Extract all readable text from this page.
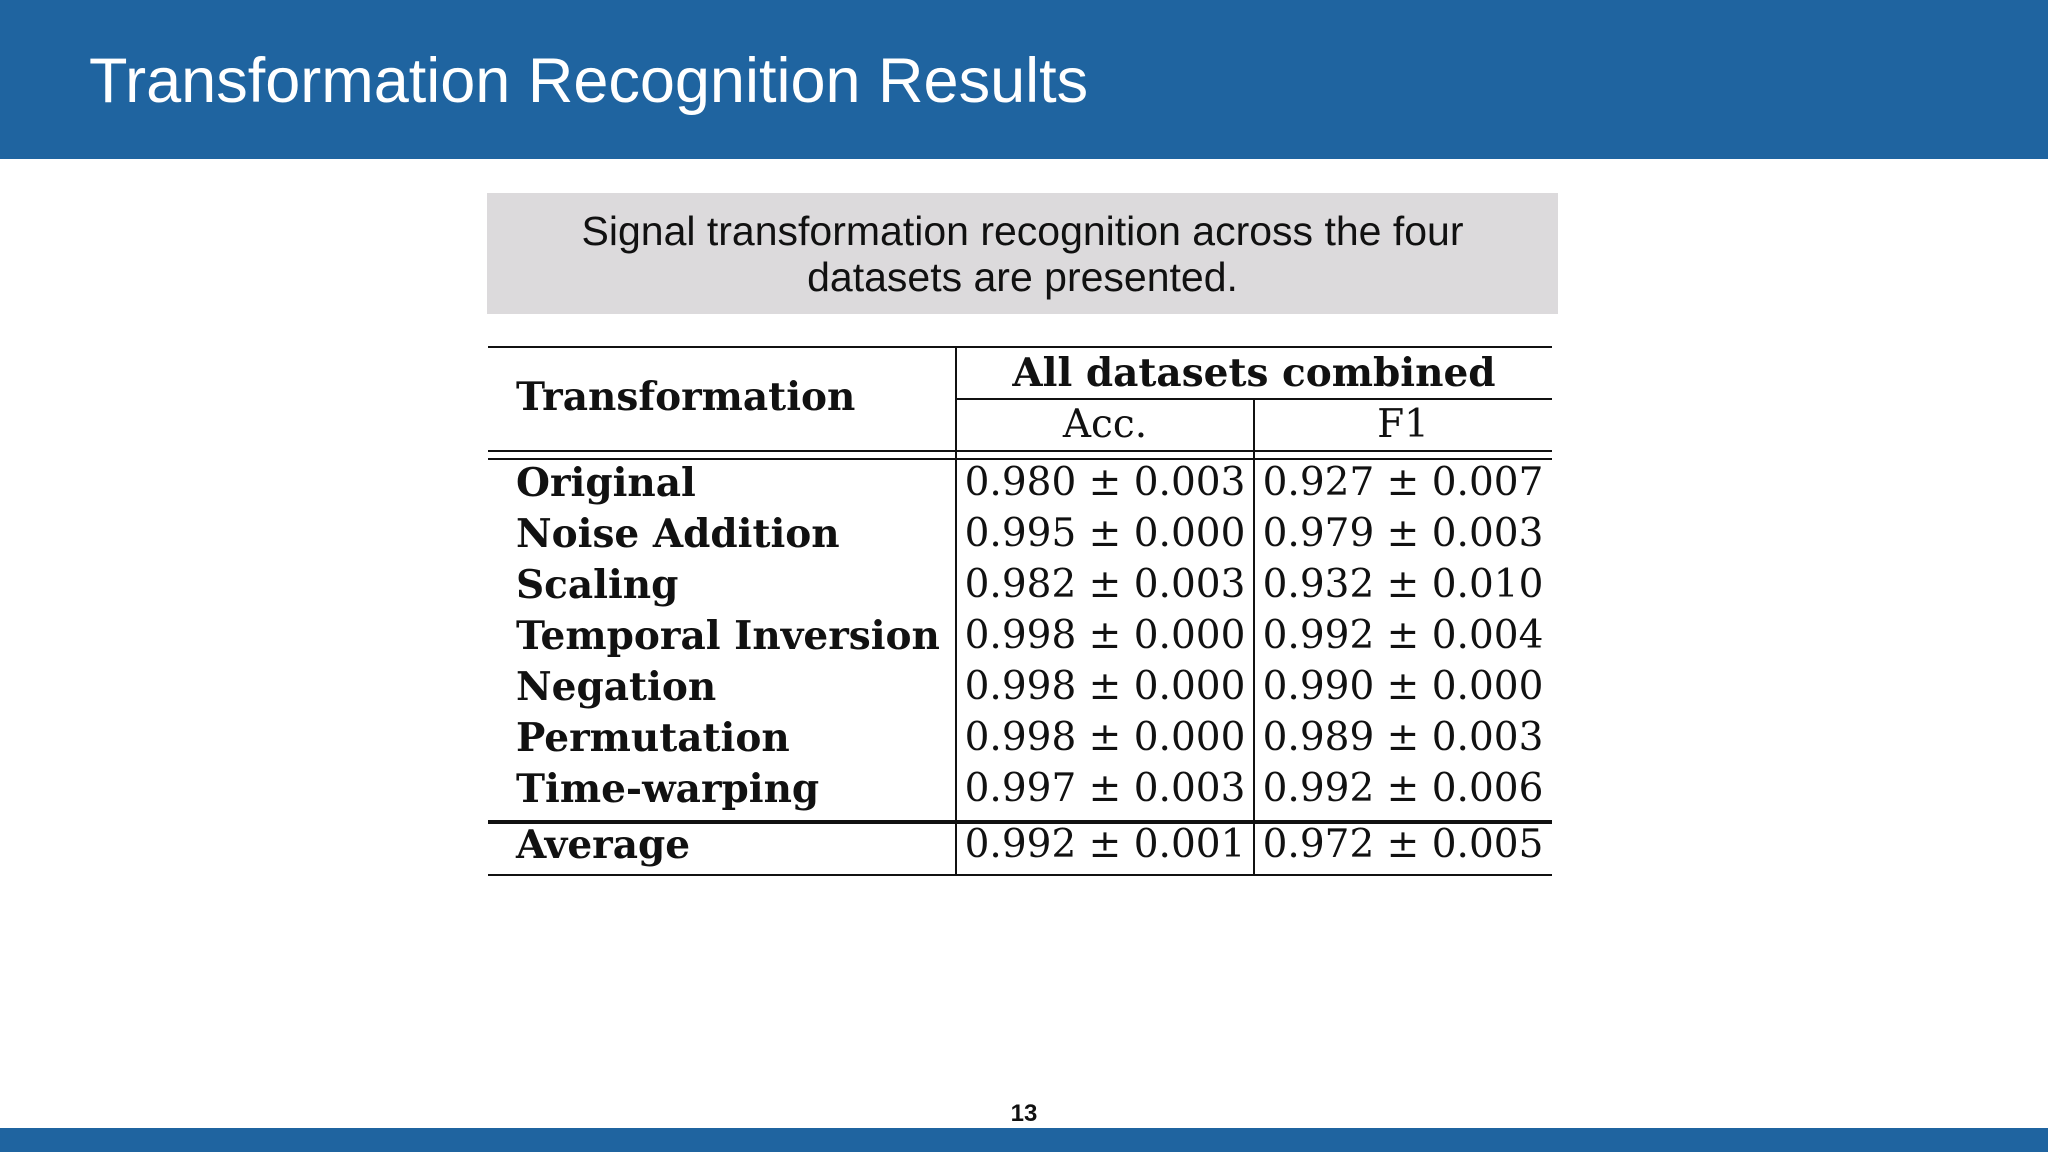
Transformation Recognition Results
Signal transformation recognition across the four datasets are presented.
Transformation
All datasets combined
Acc.	F1
Original	0.980 ± 0.003 0.927 ± 0.007
Noise Addition	0.995 ± 0.000 0.979 ± 0.003
Scaling	0.982 ± 0.003 0.932 ± 0.010
Temporal Inversion 0.998 ± 0.000 0.992 ± 0.004
Negation	0.998 ± 0.000 0.990 ± 0.000
Permutation	0.998 ± 0.000 0.989 ± 0.003
Time-warping	0.997 ± 0.003 0.992 ± 0.006
Average	0.992 ± 0.001 0.972 ± 0.005
13
